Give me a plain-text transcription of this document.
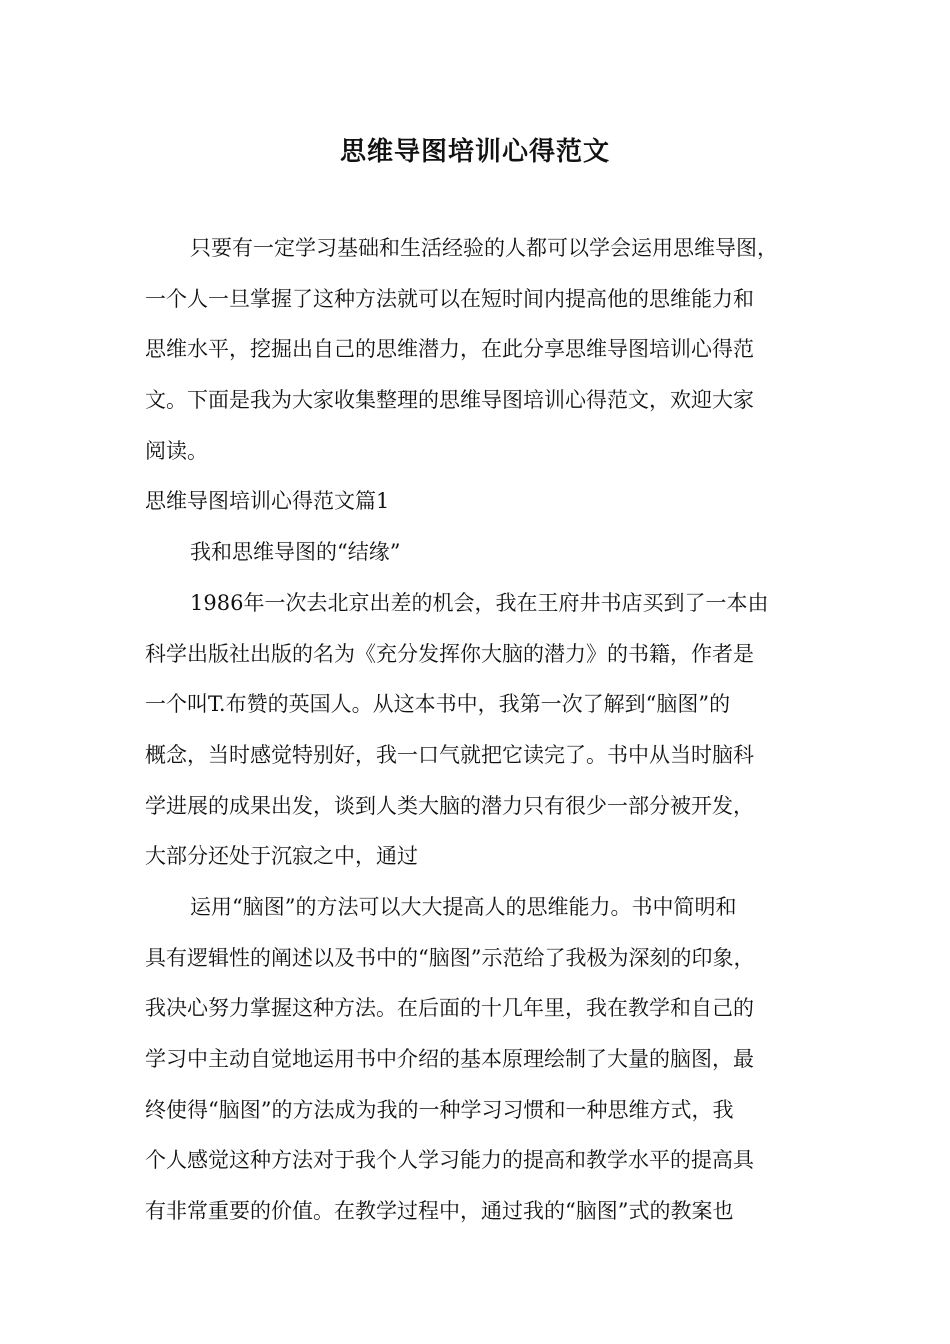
思维导图培训心得范文
只要有一定学习基础和生活经验的人都可以学会运用思维导图，
一个人一旦掌握了这种方法就可以在短时间内提高他的思维能力和
思维水平，挖掘出自己的思维潜力，在此分享思维导图培训心得范
文。下面是我为大家收集整理的思维导图培训心得范文，欢迎大家
阅读。
思维导图培训心得范文篇1
我和思维导图的“结缘”
1986年一次去北京出差的机会，我在王府井书店买到了一本由
科学出版社出版的名为《充分发挥你大脑的潜力》的书籍，作者是
一个叫T.布赞的英国人。从这本书中，我第一次了解到“脑图”的
概念，当时感觉特别好，我一口气就把它读完了。书中从当时脑科
学进展的成果出发，谈到人类大脑的潜力只有很少一部分被开发，
大部分还处于沉寂之中，通过
运用“脑图”的方法可以大大提高人的思维能力。书中简明和
具有逻辑性的阐述以及书中的“脑图”示范给了我极为深刻的印象，
我决心努力掌握这种方法。在后面的十几年里，我在教学和自己的
学习中主动自觉地运用书中介绍的基本原理绘制了大量的脑图，最
终使得“脑图”的方法成为我的一种学习习惯和一种思维方式，我
个人感觉这种方法对于我个人学习能力的提高和教学水平的提高具
有非常重要的价值。在教学过程中，通过我的“脑图”式的教案也
